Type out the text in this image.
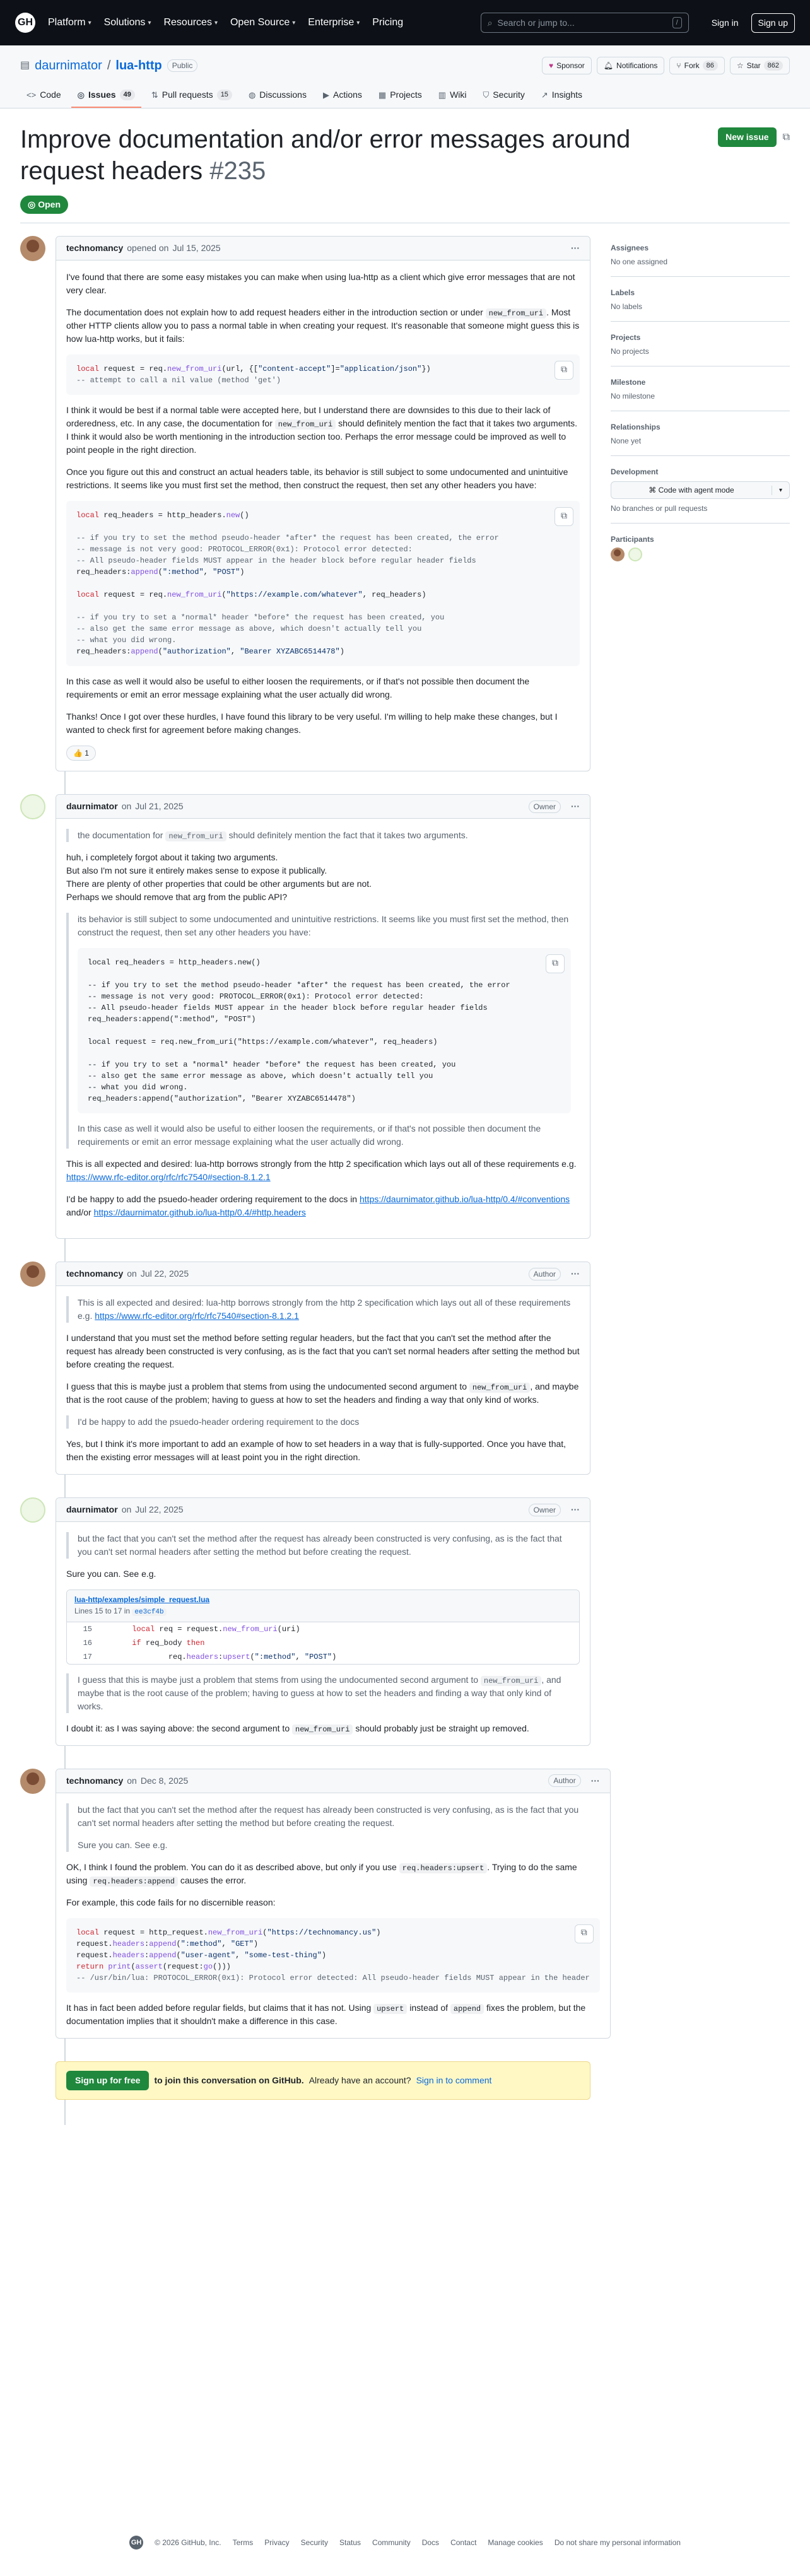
GH Platform ▾ Solutions ▾ Resources ▾ Open Source ▾ Enterprise ▾ Pricing	⌕ Search or jump to...	/	Sign in	Sign up
▤ daurnimator / lua-http	Public	♥ Sponsor	🔔︎ Notifications	⑂ Fork	86	☆ Star	862
<> Code ◎ Issues	49	⇅ Pull requests	15	◍ Discussions ▶ Actions ▦ Projects ▥ Wiki ⛉ Security ↗ Insights
Improve documentation and/or error messages around request headers #235
New issue	⧉
◎ Open
technomancy opened on Jul 15, 2025	···

I've found that there are some easy mistakes you can make when using lua-http as a client which give error messages that are not very clear.

The documentation does not explain how to add request headers either in the introduction section or under new_from_uri . Most other HTTP clients allow you to pass a normal table in when creating your request. It's reasonable that someone might guess this is how lua-http works, but it fails:

local request = req.new_from_uri(url, {["content-accept"]="application/json"})
-- attempt to call a nil value (method 'get')
⧉

I think it would be best if a normal table were accepted here, but I understand there are downsides to this due to their lack of orderedness, etc. In any case, the documentation for new_from_uri should definitely mention the fact that it takes two arguments. I think it would also be worth mentioning in the introduction section too. Perhaps the error message could be improved as well to point people in the right direction.

Once you figure out this and construct an actual headers table, its behavior is still subject to some undocumented and unintuitive restrictions. It seems like you must first set the method, then construct the request, then set any other headers you have:

local req_headers = http_headers.new()

-- if you try to set the method pseudo-header *after* the request has been created, the error
-- message is not very good: PROTOCOL_ERROR(0x1): Protocol error detected:
-- All pseudo-header fields MUST appear in the header block before regular header fields
req_headers:append(":method", "POST")

local request = req.new_from_uri("https://example.com/whatever", req_headers)

-- if you try to set a *normal* header *before* the request has been created, you
-- also get the same error message as above, which doesn't actually tell you
-- what you did wrong.
req_headers:append("authorization", "Bearer XYZABC6514478")
⧉

In this case as well it would also be useful to either loosen the requirements, or if that's not possible then document the requirements or emit an error message explaining what the user actually did wrong.

Thanks! Once I got over these hurdles, I have found this library to be very useful. I'm willing to help make these changes, but I wanted to check first for agreement before making changes.

👍 1
daurnimator on Jul 21, 2025	Owner	···

the documentation for new_from_uri should definitely mention the fact that it takes two arguments.

huh, i completely forgot about it taking two arguments.
But also I'm not sure it entirely makes sense to expose it publically.
There are plenty of other properties that could be other arguments but are not.
Perhaps we should remove that arg from the public API?

its behavior is still subject to some undocumented and unintuitive restrictions. It seems like you must first set the method, then construct the request, then set any other headers you have:

local req_headers = http_headers.new()

-- if you try to set the method pseudo-header *after* the request has been created, the error
-- message is not very good: PROTOCOL_ERROR(0x1): Protocol error detected:
-- All pseudo-header fields MUST appear in the header block before regular header fields
req_headers:append(":method", "POST")

local request = req.new_from_uri("https://example.com/whatever", req_headers)

-- if you try to set a *normal* header *before* the request has been created, you
-- also get the same error message as above, which doesn't actually tell you
-- what you did wrong.
req_headers:append("authorization", "Bearer XYZABC6514478")
⧉

In this case as well it would also be useful to either loosen the requirements, or if that's not possible then document the requirements or emit an error message explaining what the user actually did wrong.

This is all expected and desired: lua-http borrows strongly from the http 2 specification which lays out all of these requirements e.g. https://www.rfc-editor.org/rfc/rfc7540#section-8.1.2.1

I'd be happy to add the psuedo-header ordering requirement to the docs in https://daurnimator.github.io/lua-http/0.4/#conventions and/or https://daurnimator.github.io/lua-http/0.4/#http.headers

technomancy on Jul 22, 2025	Author	···

This is all expected and desired: lua-http borrows strongly from the http 2 specification which lays out all of these requirements e.g. https://www.rfc-editor.org/rfc/rfc7540#section-8.1.2.1

I understand that you must set the method before setting regular headers, but the fact that you can't set the method after the request has already been constructed is very confusing, as is the fact that you can't set normal headers after setting the method but before creating the request.

I guess that this is maybe just a problem that stems from using the undocumented second argument to new_from_uri , and maybe that is the root cause of the problem; having to guess at how to set the headers and finding a way that only kind of works.

I'd be happy to add the psuedo-header ordering requirement to the docs

Yes, but I think it's more important to add an example of how to set headers in a way that is fully-supported. Once you have that, then the existing error messages will at least point you in the right direction.

daurnimator on Jul 22, 2025	Owner	···

but the fact that you can't set the method after the request has already been constructed is very confusing, as is the fact that you can't set normal headers after setting the method but before creating the request.

Sure you can. See e.g.

lua-http/examples/simple_request.lua
Lines 15 to 17 in ee3cf4b
15	local req = request.new_from_uri(uri)
16	if req_body then
17	req.headers:upsert(":method", "POST")

I guess that this is maybe just a problem that stems from using the undocumented second argument to new_from_uri , and maybe that is the root cause of the problem; having to guess at how to set the headers and finding a way that only kind of works.

I doubt it: as I was saying above: the second argument to new_from_uri should probably just be straight up removed.

technomancy on Dec 8, 2025	Author	···

but the fact that you can't set the method after the request has already been constructed is very confusing, as is the fact that you can't set normal headers after setting the method but before creating the request.

Sure you can. See e.g.

OK, I think I found the problem. You can do it as described above, but only if you use req.headers:upsert . Trying to do the same using req.headers:append causes the error.

For example, this code fails for no discernible reason:

local request = http_request.new_from_uri("https://technomancy.us")
request.headers:append(":method", "GET")
request.headers:append("user-agent", "some-test-thing")
return print(assert(request:go()))
-- /usr/bin/lua: PROTOCOL_ERROR(0x1): Protocol error detected: All pseudo-header fields MUST appear in the header
⧉

It has in fact been added before regular fields, but claims that it has not. Using upsert instead of append fixes the problem, but the documentation implies that it shouldn't make a difference in this case.

Sign up for free	to join this conversation on GitHub. Already have an account? Sign in to comment
Assignees
No one assigned
Labels
No labels
Projects
No projects
Milestone
No milestone
Relationships
None yet
Development
⌘ Code with agent mode	▾
No branches or pull requests
Participants
GH © 2026 GitHub, Inc. Terms Privacy Security Status Community Docs Contact Manage cookies Do not share my personal information
